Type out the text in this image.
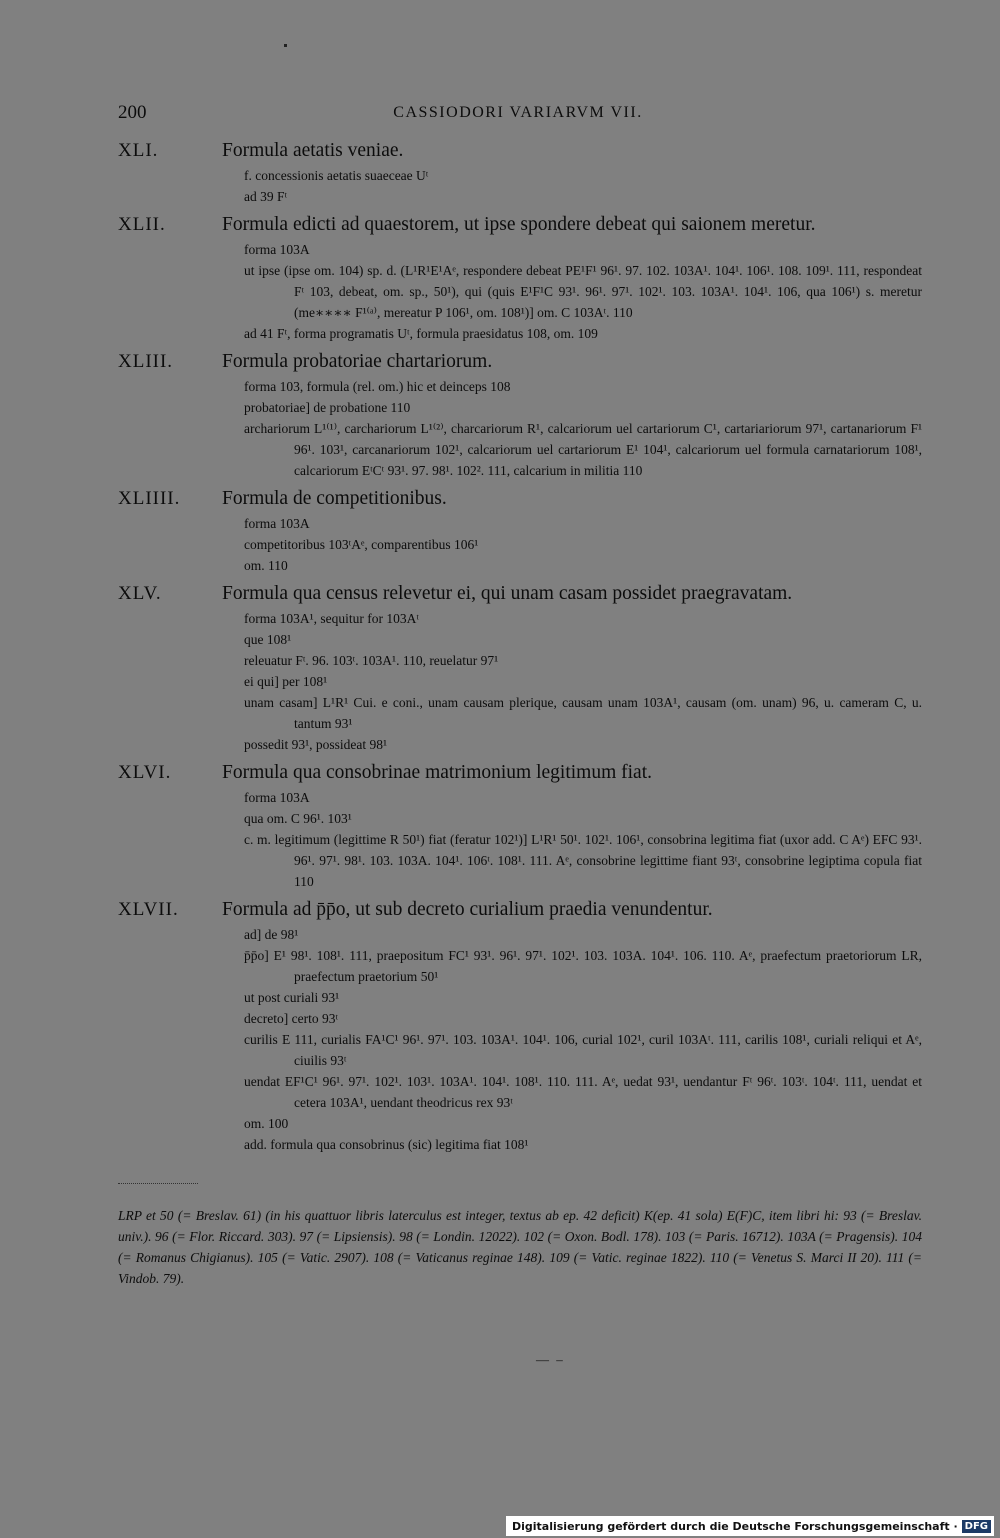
200	CASSIODORI VARIARVM VII.
XLI.	Formula aetatis veniae.
f. concessionis aetatis suaeceae Uᵗ
ad 39 Fᵗ
XLII.	Formula edicti ad quaestorem, ut ipse spondere debeat qui saionem meretur.
forma 103A
ut ipse (ipse om. 104) sp. d. (L¹R¹E¹Aᵉ, respondere debeat PE¹F¹ 96¹. 97. 102. 103A¹. 104¹. 106¹. 108. 109¹. 111, respondeat Fᵗ 103, debeat, om. sp., 50¹), qui (quis E¹F¹C 93¹. 96¹. 97¹. 102¹. 103. 103A¹. 104¹. 106, qua 106¹) s. meretur (me∗∗∗∗ F¹⁽ᵃ⁾, mereatur P 106¹, om. 108¹)] om. C 103Aᵗ. 110
ad 41 Fᵗ, forma programatis Uᵗ, formula praesidatus 108, om. 109
XLIII.	Formula probatoriae chartariorum.
forma 103, formula (rel. om.) hic et deinceps 108
probatoriae] de probatione 110
archariorum L¹⁽¹⁾, carchariorum L¹⁽²⁾, charcariorum R¹, calcariorum uel cartariorum C¹, cartariariorum 97¹, cartanariorum F¹ 96¹. 103¹, carcanariorum 102¹, calcariorum uel cartariorum E¹ 104¹, calcariorum uel formula carnatariorum 108¹, calcariorum EᵗCᵗ 93¹. 97. 98¹. 102². 111, calcarium in militia 110
XLIIII. Formula de competitionibus.
forma 103A
competitoribus 103ᵗAᵉ, comparentibus 106¹
om. 110
XLV.	Formula qua census relevetur ei, qui unam casam possidet praegravatam.
forma 103A¹, sequitur for 103Aᵗ
que 108¹
releuatur Fᵗ. 96. 103ᵗ. 103A¹. 110, reuelatur 97¹
ei qui] per 108¹
unam casam] L¹R¹ Cui. e coni., unam causam plerique, causam unam 103A¹, causam (om. unam) 96, u. cameram C, u. tantum 93¹
possedit 93¹, possideat 98¹
XLVI.	Formula qua consobrinae matrimonium legitimum fiat.
forma 103A
qua om. C 96¹. 103¹
c. m. legitimum (legittime R 50¹) fiat (feratur 102¹)] L¹R¹ 50¹. 102¹. 106¹, consobrina legitima fiat (uxor add. C Aᵉ) EFC 93¹. 96¹. 97¹. 98¹. 103. 103A. 104¹. 106ᵗ. 108¹. 111. Aᵉ, consobrine legittime fiant 93ᵗ, consobrine legiptima copula fiat 110
XLVII. Formula ad p̄p̄o, ut sub decreto curialium praedia venundentur.
ad] de 98¹
p̄p̄o] E¹ 98¹. 108¹. 111, praepositum FC¹ 93¹. 96¹. 97¹. 102¹. 103. 103A. 104¹. 106. 110. Aᵉ, praefectum praetoriorum LR, praefectum praetorium 50¹
ut post curiali 93¹
decreto] certo 93ᵗ
curilis E 111, curialis FA¹C¹ 96¹. 97¹. 103. 103A¹. 104¹. 106, curial 102¹, curil 103Aᵗ. 111, carilis 108¹, curiali reliqui et Aᵉ, ciuilis 93ᵗ
uendat EF¹C¹ 96¹. 97¹. 102¹. 103¹. 103A¹. 104¹. 108¹. 110. 111. Aᵉ, uedat 93¹, uendantur Fᵗ 96ᵗ. 103ᵗ. 104ᵗ. 111, uendat et cetera 103A¹, uendant theodricus rex 93ᵗ
om. 100
add. formula qua consobrinus (sic) legitima fiat 108¹
LRP et 50 (= Breslav. 61) (in his quattuor libris laterculus est integer, textus ab ep. 42 deficit) K(ep. 41 sola) E(F)C, item libri hi: 93 (= Breslav. univ.). 96 (= Flor. Riccard. 303). 97 (= Lipsiensis). 98 (= Londin. 12022). 102 (= Oxon. Bodl. 178). 103 (= Paris. 16712). 103A (= Pragensis). 104 (= Romanus Chigianus). 105 (= Vatic. 2907). 108 (= Vaticanus reginae 148). 109 (= Vatic. reginae 1822). 110 (= Venetus S. Marci II 20). 111 (= Vindob. 79).
— –
Digitalisierung gefördert durch die Deutsche Forschungsgemeinschaft · DFG
